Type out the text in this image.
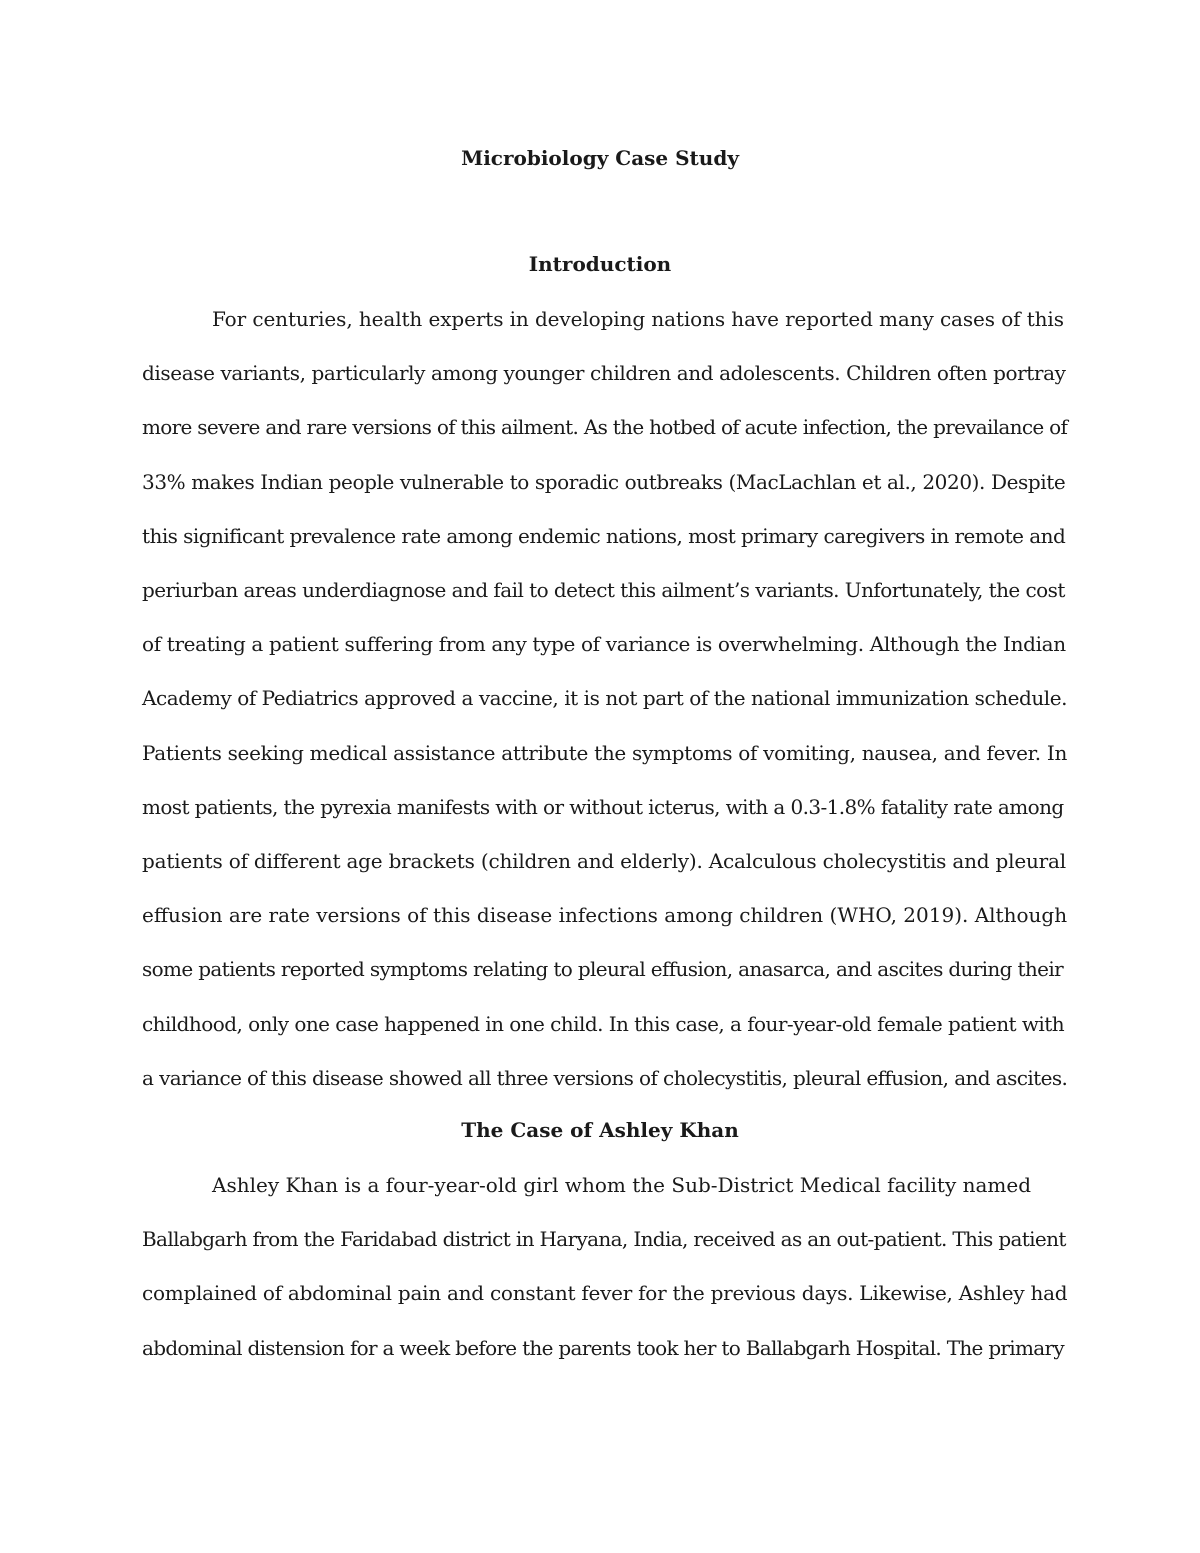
Microbiology Case Study
Introduction

For centuries, health experts in developing nations have reported many cases of this
disease variants, particularly among younger children and adolescents. Children often portray
more severe and rare versions of this ailment. As the hotbed of acute infection, the prevailance of
33% makes Indian people vulnerable to sporadic outbreaks (MacLachlan et al., 2020). Despite
this significant prevalence rate among endemic nations, most primary caregivers in remote and
periurban areas underdiagnose and fail to detect this ailment’s variants. Unfortunately, the cost
of treating a patient suffering from any type of variance is overwhelming. Although the Indian
Academy of Pediatrics approved a vaccine, it is not part of the national immunization schedule.
Patients seeking medical assistance attribute the symptoms of vomiting, nausea, and fever. In
most patients, the pyrexia manifests with or without icterus, with a 0.3-1.8% fatality rate among
patients of different age brackets (children and elderly). Acalculous cholecystitis and pleural
effusion are rate versions of this disease infections among children (WHO, 2019). Although
some patients reported symptoms relating to pleural effusion, anasarca, and ascites during their
childhood, only one case happened in one child. In this case, a four-year-old female patient with
a variance of this disease showed all three versions of cholecystitis, pleural effusion, and ascites.

The Case of Ashley Khan

Ashley Khan is a four-year-old girl whom the Sub-District Medical facility named
Ballabgarh from the Faridabad district in Haryana, India, received as an out-patient. This patient
complained of abdominal pain and constant fever for the previous days. Likewise, Ashley had
abdominal distension for a week before the parents took her to Ballabgarh Hospital. The primary
